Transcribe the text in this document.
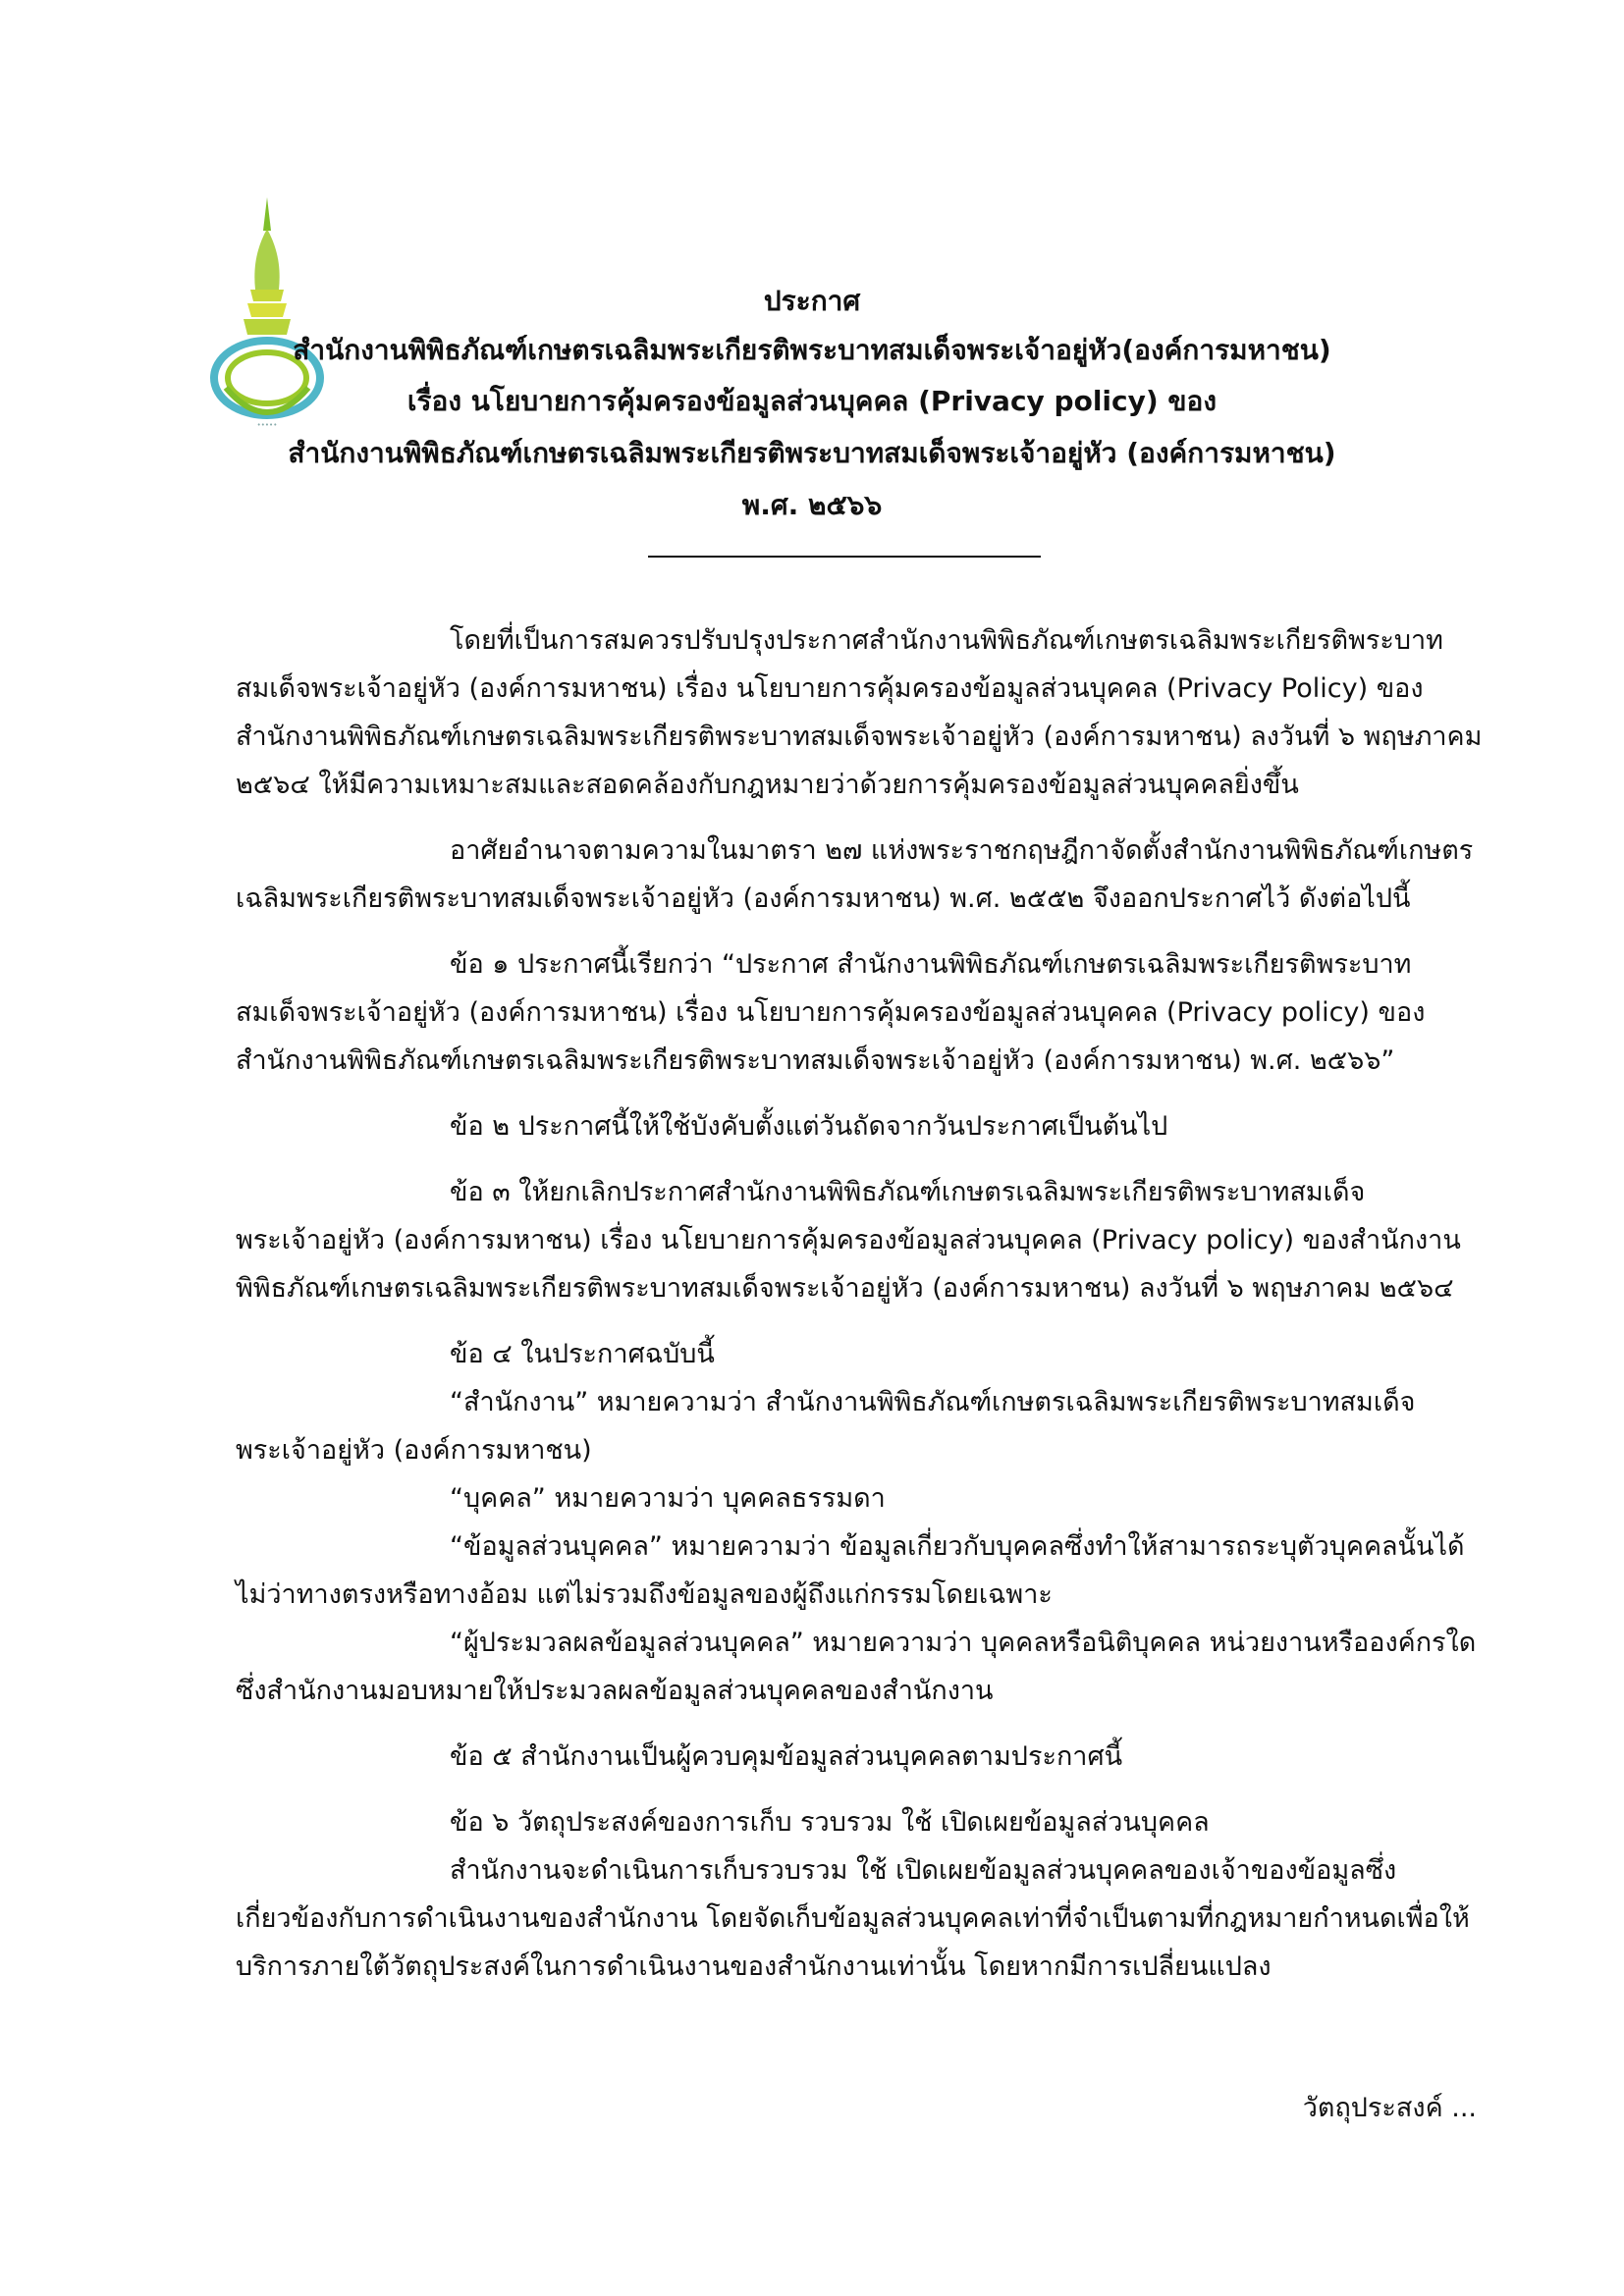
•••••
ประกาศ
สำนักงานพิพิธภัณฑ์เกษตรเฉลิมพระเกียรติพระบาทสมเด็จพระเจ้าอยู่หัว(องค์การมหาชน)
เรื่อง นโยบายการคุ้มครองข้อมูลส่วนบุคคล (Privacy policy) ของ
สำนักงานพิพิธภัณฑ์เกษตรเฉลิมพระเกียรติพระบาทสมเด็จพระเจ้าอยู่หัว (องค์การมหาชน)
พ.ศ. ๒๕๖๖

โดยที่เป็นการสมควรปรับปรุงประกาศสำนักงานพิพิธภัณฑ์เกษตรเฉลิมพระเกียรติพระบาทสมเด็จพระเจ้าอยู่หัว (องค์การมหาชน) เรื่อง นโยบายการคุ้มครองข้อมูลส่วนบุคคล (Privacy Policy) ของสำนักงานพิพิธภัณฑ์เกษตรเฉลิมพระเกียรติพระบาทสมเด็จพระเจ้าอยู่หัว (องค์การมหาชน) ลงวันที่ ๖ พฤษภาคม ๒๕๖๔ ให้มีความเหมาะสมและสอดคล้องกับกฎหมายว่าด้วยการคุ้มครองข้อมูลส่วนบุคคลยิ่งขึ้น

อาศัยอำนาจตามความในมาตรา ๒๗ แห่งพระราชกฤษฎีกาจัดตั้งสำนักงานพิพิธภัณฑ์เกษตรเฉลิมพระเกียรติพระบาทสมเด็จพระเจ้าอยู่หัว (องค์การมหาชน) พ.ศ. ๒๕๕๒ จึงออกประกาศไว้ ดังต่อไปนี้

ข้อ ๑ ประกาศนี้เรียกว่า “ประกาศ สำนักงานพิพิธภัณฑ์เกษตรเฉลิมพระเกียรติพระบาทสมเด็จพระเจ้าอยู่หัว (องค์การมหาชน) เรื่อง นโยบายการคุ้มครองข้อมูลส่วนบุคคล (Privacy policy) ของสำนักงานพิพิธภัณฑ์เกษตรเฉลิมพระเกียรติพระบาทสมเด็จพระเจ้าอยู่หัว (องค์การมหาชน) พ.ศ. ๒๕๖๖”

ข้อ ๒ ประกาศนี้ให้ใช้บังคับตั้งแต่วันถัดจากวันประกาศเป็นต้นไป

ข้อ ๓ ให้ยกเลิกประกาศสำนักงานพิพิธภัณฑ์เกษตรเฉลิมพระเกียรติพระบาทสมเด็จพระเจ้าอยู่หัว (องค์การมหาชน) เรื่อง นโยบายการคุ้มครองข้อมูลส่วนบุคคล (Privacy policy) ของสำนักงานพิพิธภัณฑ์เกษตรเฉลิมพระเกียรติพระบาทสมเด็จพระเจ้าอยู่หัว (องค์การมหาชน) ลงวันที่ ๖ พฤษภาคม ๒๕๖๔

ข้อ ๔ ในประกาศฉบับนี้

“สำนักงาน” หมายความว่า สำนักงานพิพิธภัณฑ์เกษตรเฉลิมพระเกียรติพระบาทสมเด็จพระเจ้าอยู่หัว (องค์การมหาชน)

“บุคคล” หมายความว่า บุคคลธรรมดา

“ข้อมูลส่วนบุคคล” หมายความว่า ข้อมูลเกี่ยวกับบุคคลซึ่งทำให้สามารถระบุตัวบุคคลนั้นได้ไม่ว่าทางตรงหรือทางอ้อม แต่ไม่รวมถึงข้อมูลของผู้ถึงแก่กรรมโดยเฉพาะ

“ผู้ประมวลผลข้อมูลส่วนบุคคล” หมายความว่า บุคคลหรือนิติบุคคล หน่วยงานหรือองค์กรใดซึ่งสำนักงานมอบหมายให้ประมวลผลข้อมูลส่วนบุคคลของสำนักงาน

ข้อ ๕ สำนักงานเป็นผู้ควบคุมข้อมูลส่วนบุคคลตามประกาศนี้

ข้อ ๖ วัตถุประสงค์ของการเก็บ รวบรวม ใช้ เปิดเผยข้อมูลส่วนบุคคล

สำนักงานจะดำเนินการเก็บรวบรวม ใช้ เปิดเผยข้อมูลส่วนบุคคลของเจ้าของข้อมูลซึ่งเกี่ยวข้องกับการดำเนินงานของสำนักงาน โดยจัดเก็บข้อมูลส่วนบุคคลเท่าที่จำเป็นตามที่กฎหมายกำหนดเพื่อให้บริการภายใต้วัตถุประสงค์ในการดำเนินงานของสำนักงานเท่านั้น โดยหากมีการเปลี่ยนแปลง

วัตถุประสงค์ ...
